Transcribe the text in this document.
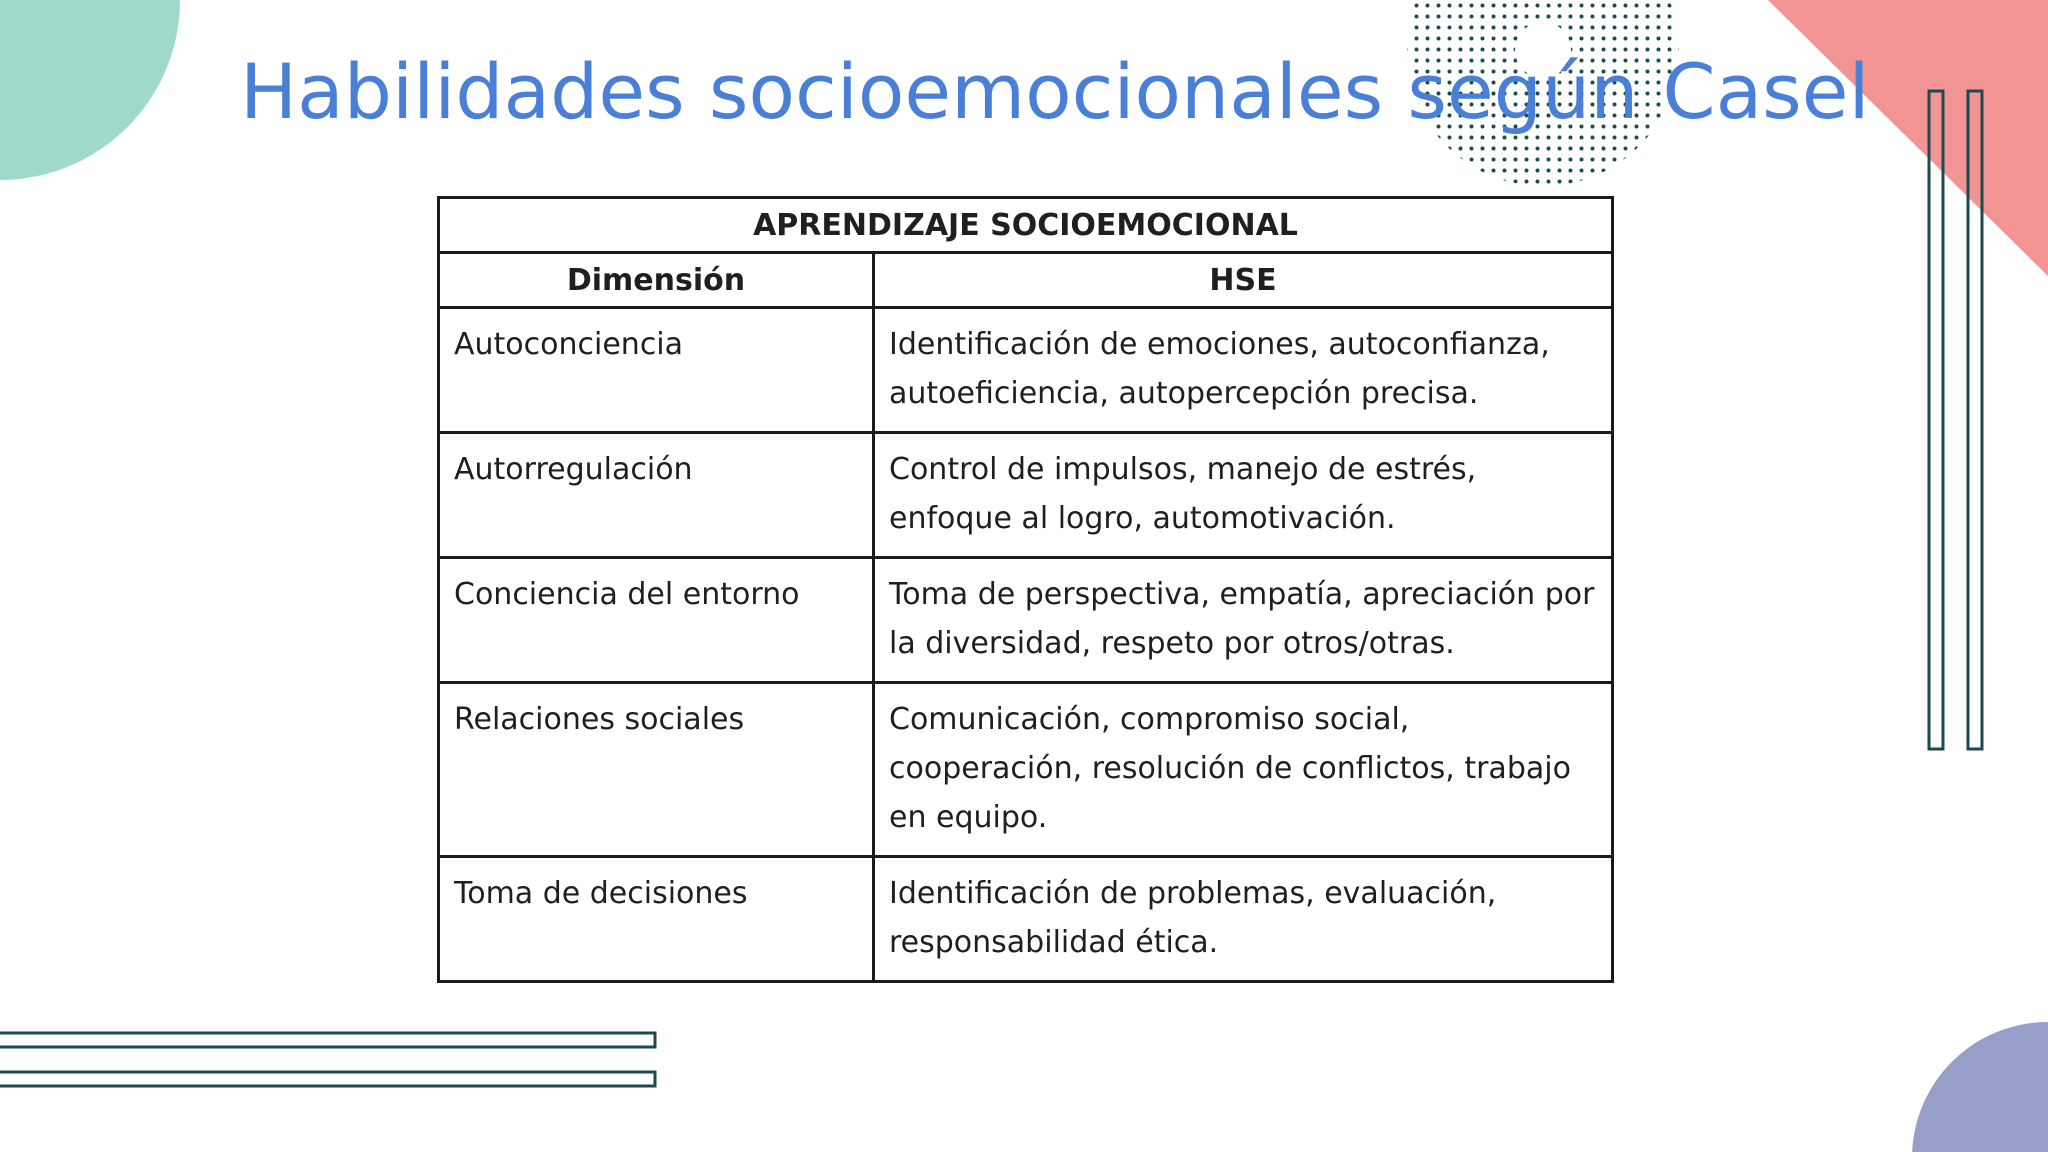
Habilidades socioemocionales según Casel
APRENDIZAJE SOCIOEMOCIONAL	
Dimensión	HSE
Autoconciencia	Identificación de emociones, autoconfianza, autoeficiencia, autopercepción precisa.
Autorregulación	Control de impulsos, manejo de estrés, enfoque al logro, automotivación.
Conciencia del entorno	Toma de perspectiva, empatía, apreciación por la diversidad, respeto por otros/otras.
Relaciones sociales	Comunicación, compromiso social, cooperación, resolución de conflictos, trabajo en equipo.
Toma de decisiones	Identificación de problemas, evaluación, responsabilidad ética.
